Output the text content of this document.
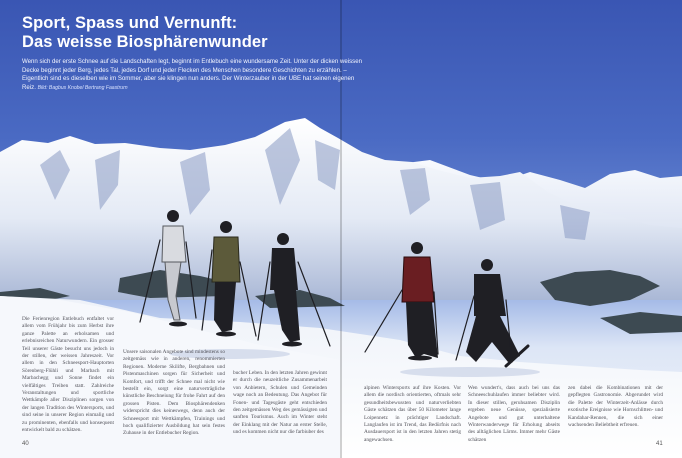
Sport, Spass und Vernunft:
Das weisse Biosphärenwunder

Wenn sich der erste Schnee auf die Landschaften legt, beginnt im Entlebuch eine wundersame Zeit. Unter der dicken weissen Decke beginnt jeder Berg, jedes Tal, jedes Dorf und jeder Flecken des Menschen besondere Geschichten zu erzählen. – Eigentlich sind es dieselben wie im Sommer, aber sie klingen nun anders. Der Winterzauber in der UBE hat seinen eigenen Reiz. Bild: Bagbus Knobel Bertrang Faastrurn

Die Ferienregion Entlebuch entfaltet vor allem vom Frühjahr bis zum Herbst ihre ganze Palette an erholsamen und erlebnisreichen Naturwundern. Ein grosser Teil unserer Gäste besucht uns jedoch in der stillen, der weissen Jahreszeit. Vor allem in den Schneesport-Hauptorten Sörenberg-Flühli und Marbach mit Marbachegg und Sonne findet ein vielfältiges Treiben statt. Zahlreiche Veranstaltungen und sportliche Wettkämpfe aller Disziplinen sorgen von der langen Tradition des Wintersports, und sind seine in unserer Region einmalig und zu prominenten, ebenfalls und konsequent entwickelt bald zu schätzen.

Unsere saisonalen Angebote sind mindestens so zeitgemäss wie in anderen, renommierten Regionen. Moderne Skilifte, Bergbahnen und Pistenmaschinen sorgen für Sicherheit und Komfort, und trifft der Schnee mal nicht wie bestellt ein, sorgt eine naturverträgliche künstliche Beschneiung für frohe Fahrt auf den grossen Pisten. Dem Biosphärendenken widerspricht dies keineswegs, denn auch der Schneesport mit Wettkämpfen, Trainings und hoch qualifizierter Ausbildung hat sein festes Zuhause in der Entlebucher Region.

bucher Leben. In den letzten Jahren gewinnt er durch die neuzeitliche Zusammenarbeit von Anbietern, Schulen und Gemeinden wage noch an Bedeutung. Das Angebot für Fonen- und Tagesgäste geht entschieden den zeitgemässen Weg des gemässigten und sanften Tourismus. Auch im Winter steht der Einklang mit der Natur an erster Stelle, und es kommen nicht nur die farbiuber des

alpinen Wintersports auf ihre Kosten. Vor allem die nordisch orientierten, oftmals sehr gesundheitsbewussten und naturverliebten Gäste schätzen das über 50 Kilometer lange Loipennetz in prächtiger Landschaft. Langlaufen ist im Trend, das Bedürfnis nach Ausdauersport ist in den letzten Jahren stetig angewachsen.

Wen wundert's, dass auch bei uns das Schneeschuhlaufen immer beliebter wird. In dieser stillen, geruhsamen Disziplin ergeben neue Genüsse, spezialisierte Angebote und gut unterhaltene Winterwanderwege für Erholung abseits des alltäglichen Lärms. Immer mehr Gäste schätzen

zen dabei die Kombinationen mit der gepflegten Gastronomie. Abgerundet wird die Palette der Winterzeit-Anlässe durch exotische Ereignisse wie Hornschlitten- und Kandahar-Rennen, die sich einer wachsenden Beliebtheit erfreuen.

40	41
